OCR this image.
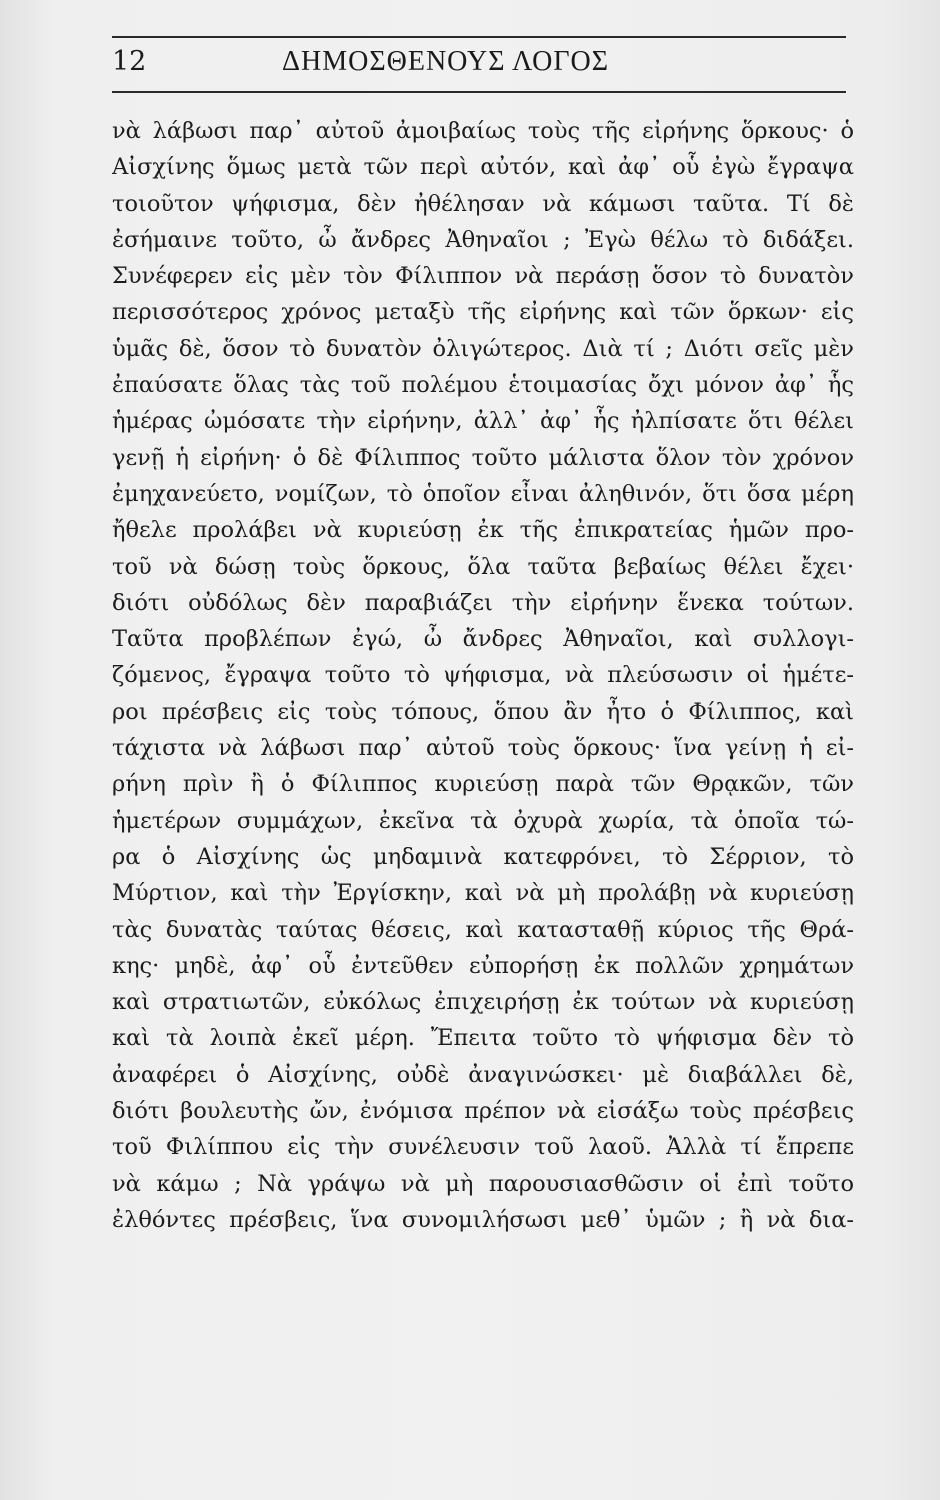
12	ΔΗΜΟΣΘΕΝΟΥΣ ΛΟΓΟΣ
νὰ λάβωσι παρ᾽ αὐτοῦ ἀμοιβαίως τοὺς τῆς εἰρήνης ὅρκους· ὁ
Αἰσχίνης ὅμως μετὰ τῶν περὶ αὐτόν, καὶ ἀφ᾽ οὗ ἐγὼ ἔγραψα
τοιοῦτον ψήφισμα, δὲν ἠθέλησαν νὰ κάμωσι ταῦτα. Τί δὲ
ἐσήμαινε τοῦτο, ὦ ἄνδρες Ἀθηναῖοι ; Ἐγὼ θέλω τὸ διδάξει.
Συνέφερεν εἰς μὲν τὸν Φίλιππον νὰ περάσῃ ὅσον τὸ δυνατὸν
περισσότερος χρόνος μεταξὺ τῆς εἰρήνης καὶ τῶν ὅρκων· εἰς
ὑμᾶς δὲ, ὅσον τὸ δυνατὸν ὀλιγώτερος. Διὰ τί ; Διότι σεῖς μὲν
ἐπαύσατε ὅλας τὰς τοῦ πολέμου ἑτοιμασίας ὄχι μόνον ἀφ᾽ ἧς
ἡμέρας ὠμόσατε τὴν εἰρήνην, ἀλλ᾽ ἀφ᾽ ἧς ἠλπίσατε ὅτι θέλει
γενῇ ἡ εἰρήνη· ὁ δὲ Φίλιππος τοῦτο μάλιστα ὅλον τὸν χρόνον
ἐμηχανεύετο, νομίζων, τὸ ὁποῖον εἶναι ἀληθινόν, ὅτι ὅσα μέρη
ἤθελε προλάβει νὰ κυριεύσῃ ἐκ τῆς ἐπικρατείας ἡμῶν προ-
τοῦ νὰ δώσῃ τοὺς ὅρκους, ὅλα ταῦτα βεβαίως θέλει ἔχει·
διότι οὐδόλως δὲν παραβιάζει τὴν εἰρήνην ἕνεκα τούτων.
Ταῦτα προβλέπων ἐγώ, ὦ ἄνδρες Ἀθηναῖοι, καὶ συλλογι-
ζόμενος, ἔγραψα τοῦτο τὸ ψήφισμα, νὰ πλεύσωσιν οἱ ἡμέτε-
ροι πρέσβεις εἰς τοὺς τόπους, ὅπου ἂν ἦτο ὁ Φίλιππος, καὶ
τάχιστα νὰ λάβωσι παρ᾽ αὐτοῦ τοὺς ὅρκους· ἵνα γείνῃ ἡ εἰ-
ρήνη πρὶν ἢ ὁ Φίλιππος κυριεύσῃ παρὰ τῶν Θρᾳκῶν, τῶν
ἡμετέρων συμμάχων, ἐκεῖνα τὰ ὀχυρὰ χωρία, τὰ ὁποῖα τώ-
ρα ὁ Αἰσχίνης ὡς μηδαμινὰ κατεφρόνει, τὸ Σέρριον, τὸ
Μύρτιον, καὶ τὴν Ἐργίσκην, καὶ νὰ μὴ προλάβῃ νὰ κυριεύσῃ
τὰς δυνατὰς ταύτας θέσεις, καὶ κατασταθῇ κύριος τῆς Θρά-
κης· μηδὲ, ἀφ᾽ οὗ ἐντεῦθεν εὐπορήσῃ ἐκ πολλῶν χρημάτων
καὶ στρατιωτῶν, εὐκόλως ἐπιχειρήσῃ ἐκ τούτων νὰ κυριεύσῃ
καὶ τὰ λοιπὰ ἐκεῖ μέρη. Ἔπειτα τοῦτο τὸ ψήφισμα δὲν τὸ
ἀναφέρει ὁ Αἰσχίνης, οὐδὲ ἀναγινώσκει· μὲ διαβάλλει δὲ,
διότι βουλευτὴς ὤν, ἐνόμισα πρέπον νὰ εἰσάξω τοὺς πρέσβεις
τοῦ Φιλίππου εἰς τὴν συνέλευσιν τοῦ λαοῦ. Ἀλλὰ τί ἔπρεπε
νὰ κάμω ; Νὰ γράψω νὰ μὴ παρουσιασθῶσιν οἱ ἐπὶ τοῦτο
ἐλθόντες πρέσβεις, ἵνα συνομιλήσωσι μεθ᾽ ὑμῶν ; ἢ νὰ δια-
